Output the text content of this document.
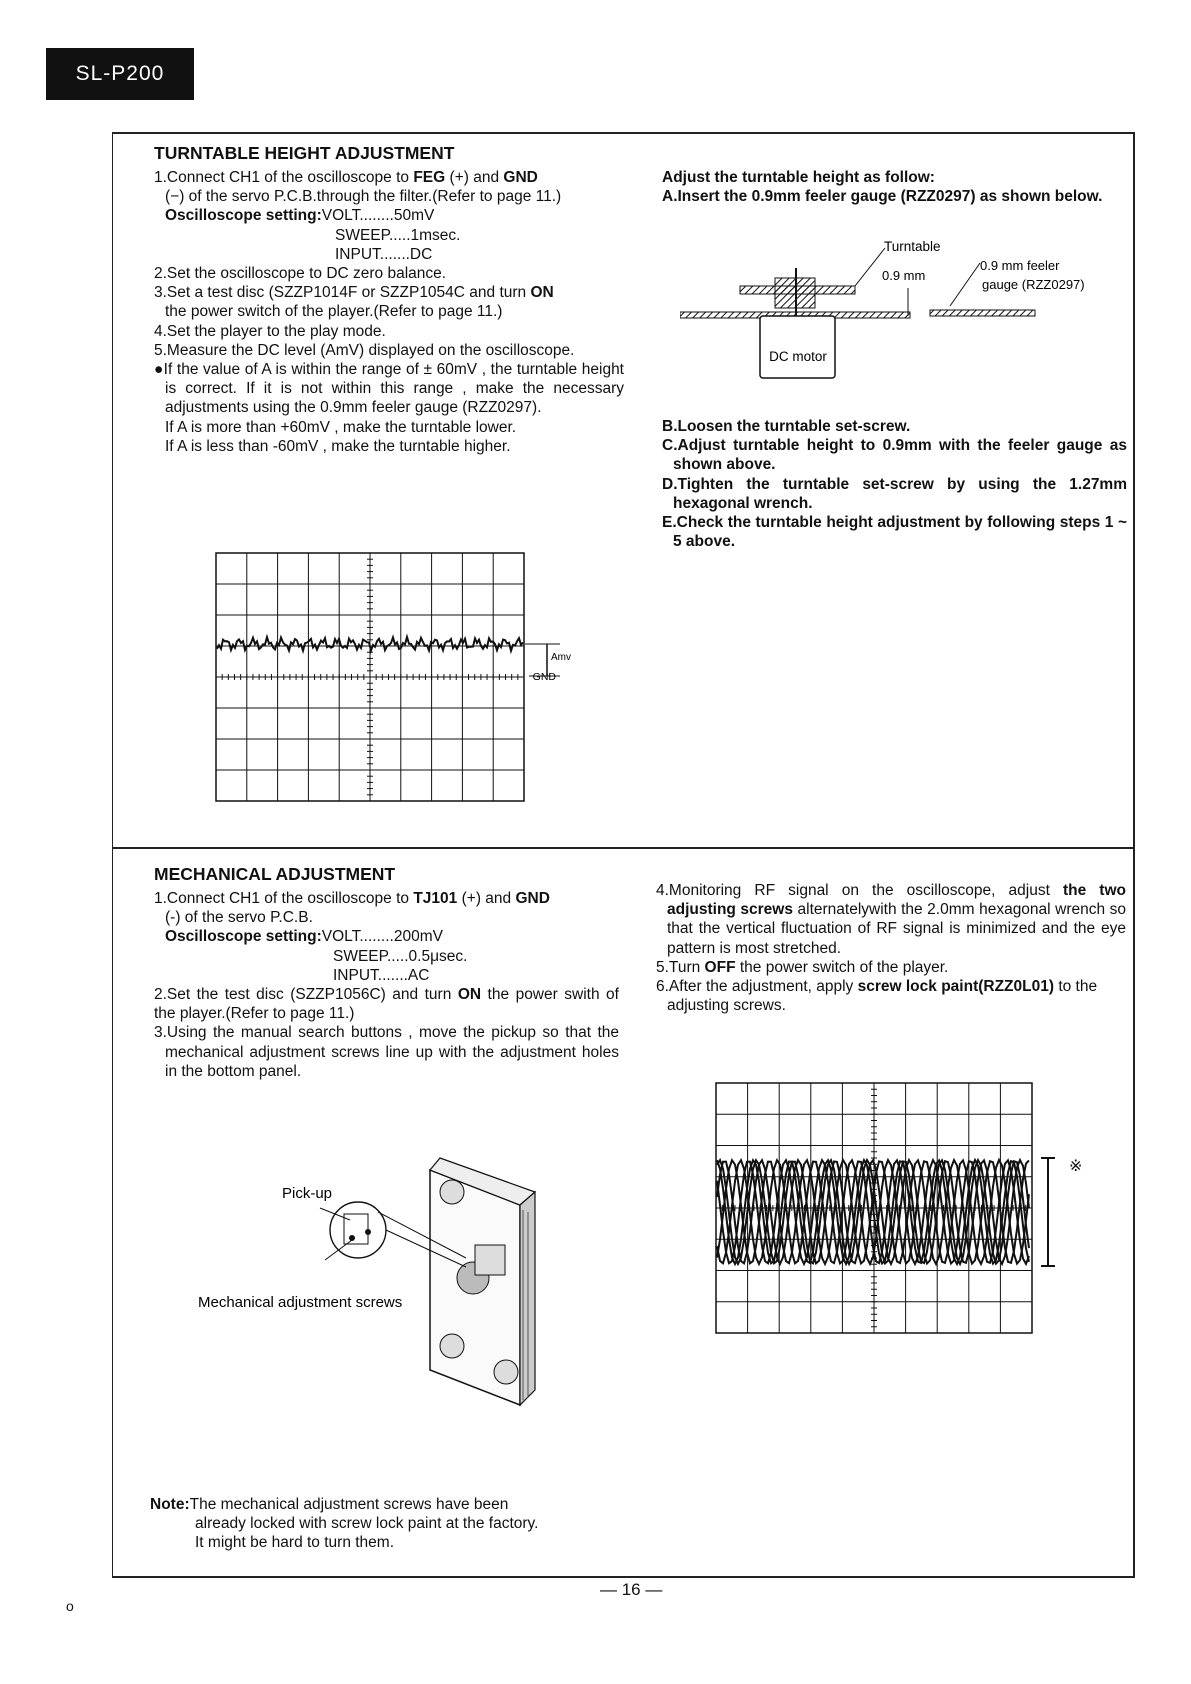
SL-P200
TURNTABLE HEIGHT ADJUSTMENT

1.Connect CH1 of the oscilloscope to FEG (+) and GND
(−) of the servo P.C.B.through the filter.(Refer to page 11.)

Oscilloscope setting: VOLT........50mV

SWEEP.....1msec.

INPUT.......DC

2.Set the oscilloscope to DC zero balance.

3.Set a test disc (SZZP1014F or SZZP1054C and turn ON
the power switch of the player.(Refer to page 11.)

4.Set the player to the play mode.

5.Measure the DC level (AmV) displayed on the oscilloscope.

●If the value of A is within the range of ± 60mV , the turntable height is correct. If it is not within this range , make the necessary adjustments using the 0.9mm feeler gauge (RZZ0297).

If A is more than +60mV , make the turntable lower.

If A is less than -60mV , make the turntable higher.

Adjust the turntable height as follow:

A.Insert the 0.9mm feeler gauge (RZZ0297) as shown below.

B.Loosen the turntable set-screw.

C.Adjust turntable height to 0.9mm with the feeler gauge as shown above.

D.Tighten the turntable set-screw by using the 1.27mm hexagonal wrench.

E.Check the turntable height adjustment by following steps 1 ~ 5 above.

DC motor
Turntable
0.9 mm
0.9 mm feeler
gauge (RZZ0297)
Amv
GND
MECHANICAL ADJUSTMENT

1.Connect CH1 of the oscilloscope to TJ101 (+) and GND
(-) of the servo P.C.B.

Oscilloscope setting: VOLT........200mV

SWEEP.....0.5μsec.

INPUT.......AC

2.Set the test disc (SZZP1056C) and turn ON the power swith of the player.(Refer to page 11.)

3.Using the manual search buttons , move the pickup so that the mechanical adjustment screws line up with the adjustment holes in the bottom panel.

4.Monitoring RF signal on the oscilloscope, adjust the two adjusting screws alternatelywith the 2.0mm hexagonal wrench so that the vertical fluctuation of RF signal is minimized and the eye pattern is most stretched.

5.Turn OFF the power switch of the player.

6.After the adjustment, apply screw lock paint(RZZ0L01) to the adjusting screws.

Pick-up
Mechanical adjustment screws
※
Note:The mechanical adjustment screws have been
already locked with screw lock paint at the factory.
It might be hard to turn them.
— 16 —
o
